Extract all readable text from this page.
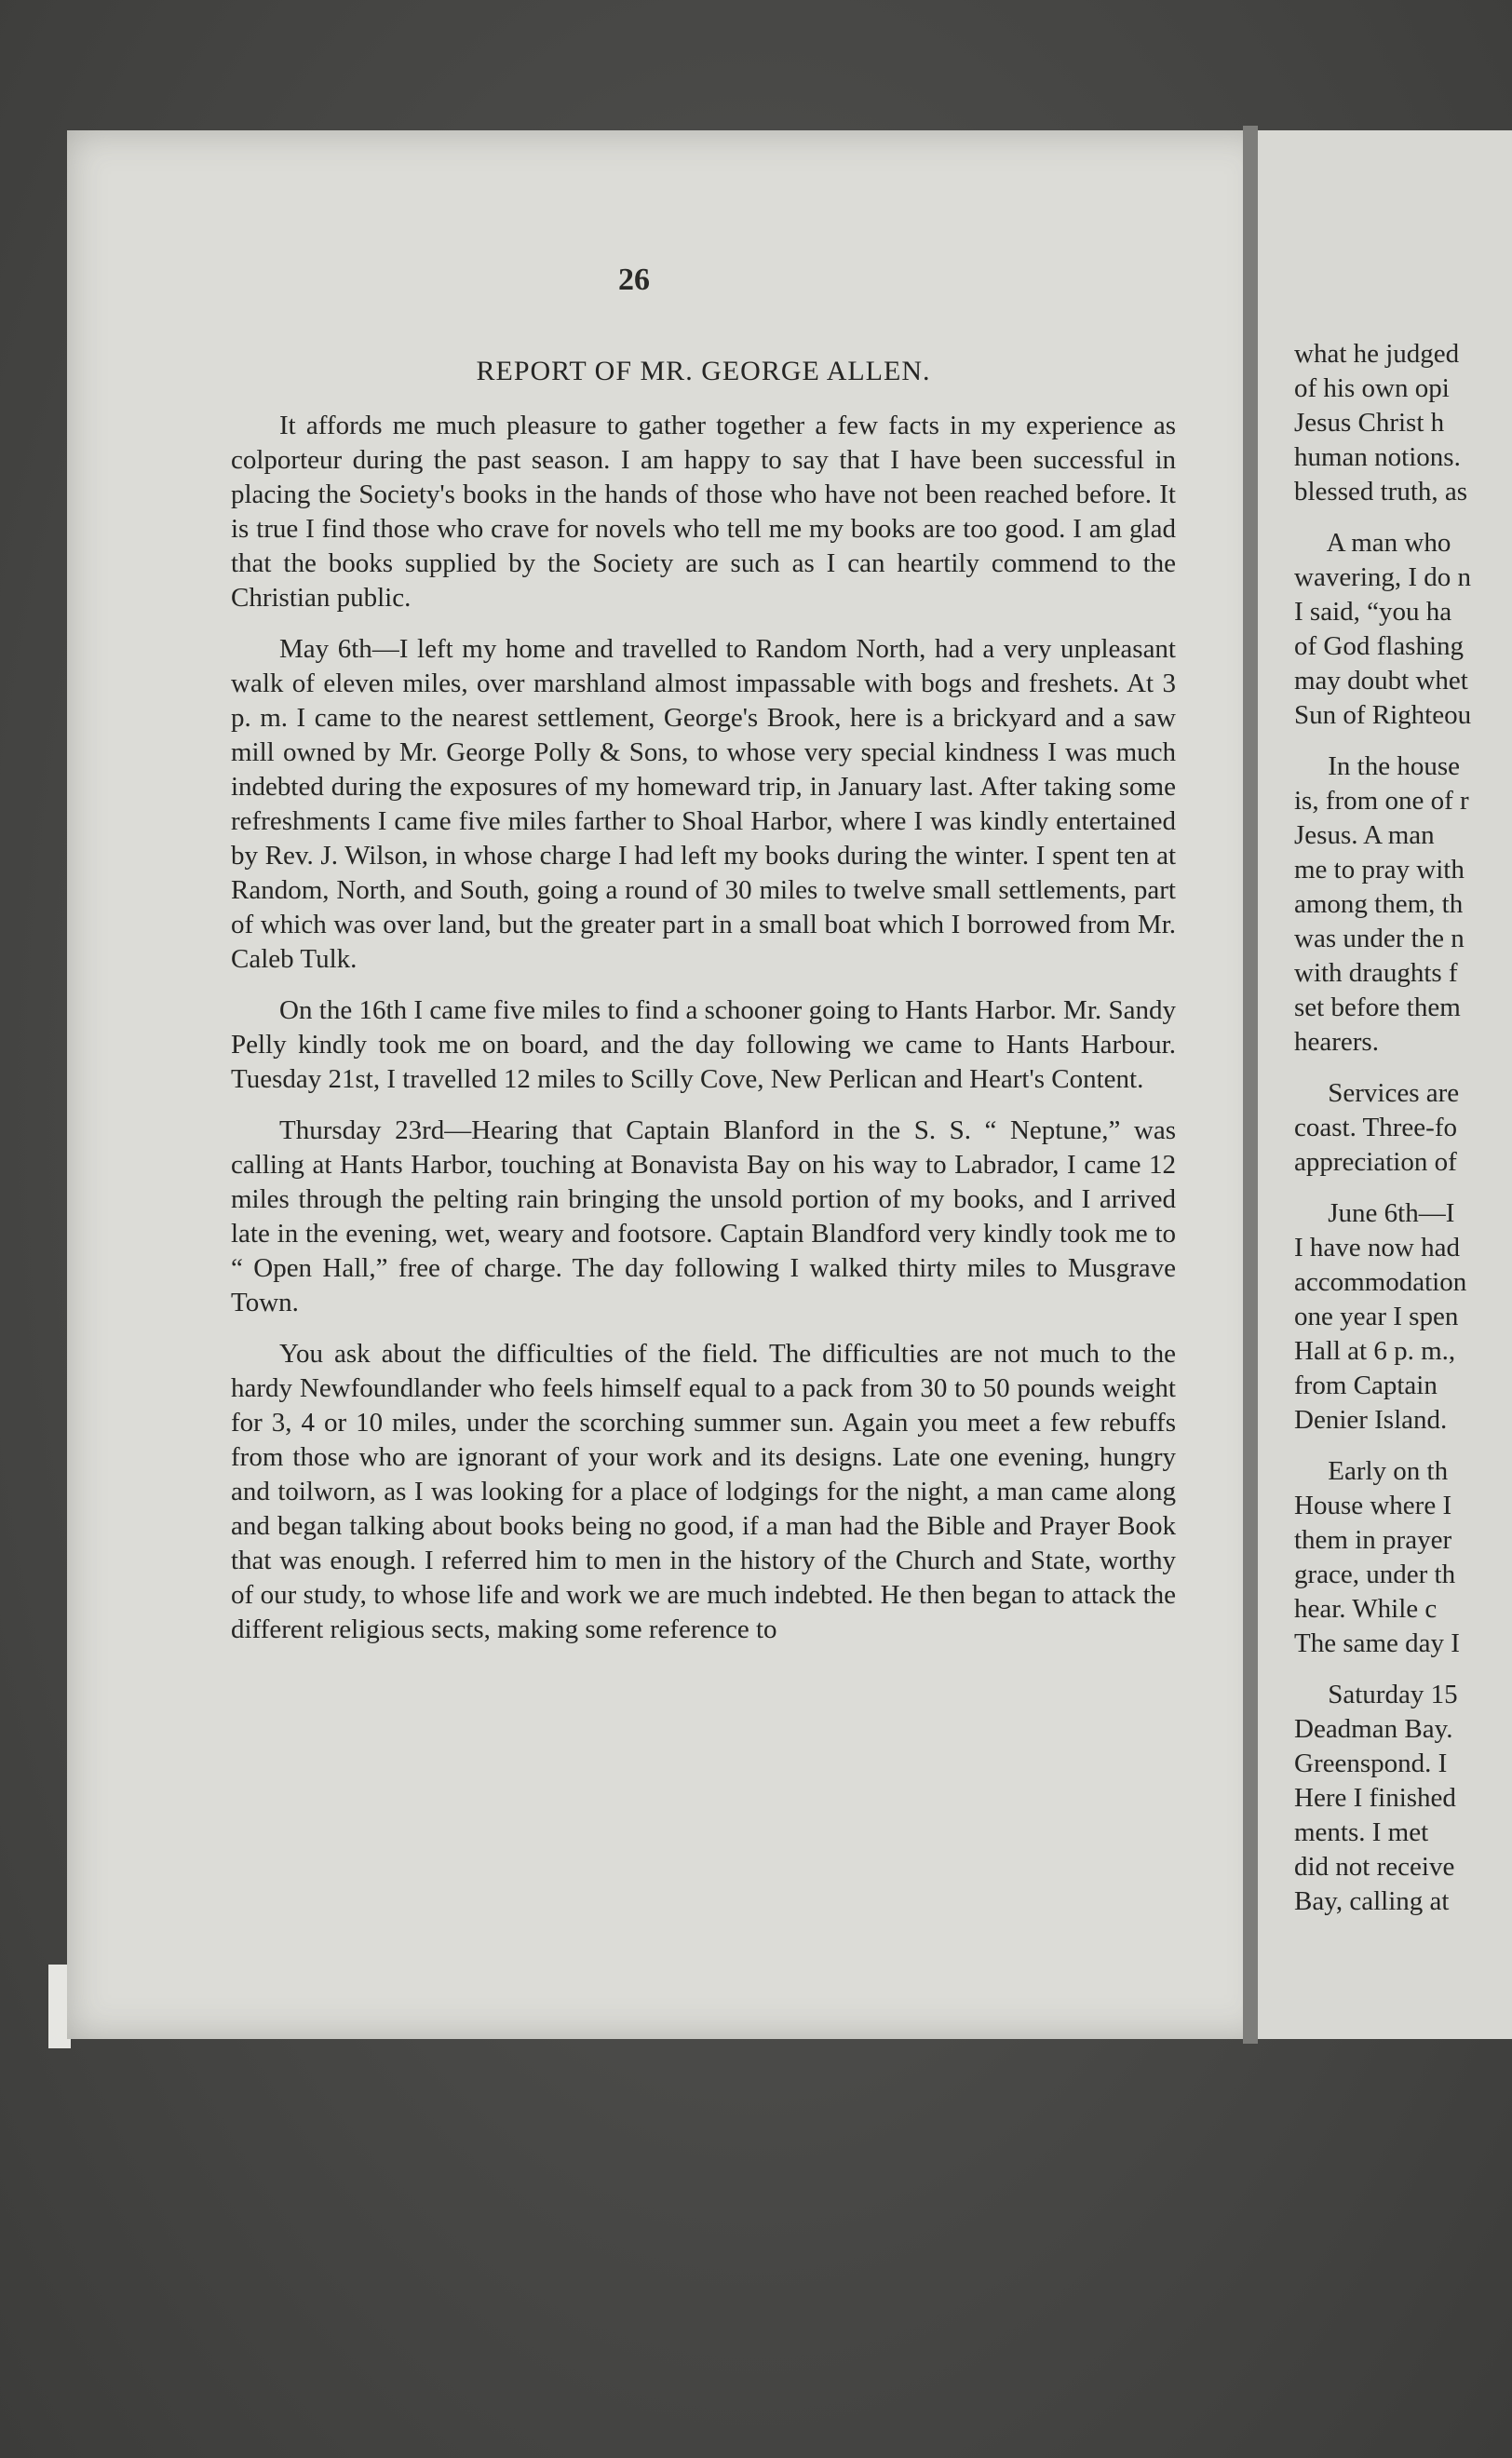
26
REPORT OF MR. GEORGE ALLEN.

It affords me much pleasure to gather together a few facts in my experience as colporteur during the past season. I am happy to say that I have been successful in placing the Society's books in the hands of those who have not been reached before. It is true I find those who crave for novels who tell me my books are too good. I am glad that the books supplied by the Society are such as I can heartily commend to the Christian public.

May 6th—I left my home and travelled to Random North, had a very unpleasant walk of eleven miles, over marshland almost impassable with bogs and freshets. At 3 p. m. I came to the nearest settlement, George's Brook, here is a brickyard and a saw mill owned by Mr. George Polly & Sons, to whose very special kindness I was much indebted during the exposures of my homeward trip, in January last. After taking some refreshments I came five miles farther to Shoal Harbor, where I was kindly entertained by Rev. J. Wilson, in whose charge I had left my books during the winter. I spent ten at Random, North, and South, going a round of 30 miles to twelve small settlements, part of which was over land, but the greater part in a small boat which I borrowed from Mr. Caleb Tulk.

On the 16th I came five miles to find a schooner going to Hants Harbor. Mr. Sandy Pelly kindly took me on board, and the day following we came to Hants Harbour. Tuesday 21st, I travelled 12 miles to Scilly Cove, New Perlican and Heart's Content.

Thursday 23rd—Hearing that Captain Blanford in the S. S. “ Neptune,” was calling at Hants Harbor, touching at Bonavista Bay on his way to Labrador, I came 12 miles through the pelting rain bringing the unsold portion of my books, and I arrived late in the evening, wet, weary and footsore. Captain Blandford very kindly took me to “ Open Hall,” free of charge. The day following I walked thirty miles to Musgrave Town.

You ask about the difficulties of the field. The difficulties are not much to the hardy Newfoundlander who feels himself equal to a pack from 30 to 50 pounds weight for 3, 4 or 10 miles, under the scorching summer sun. Again you meet a few rebuffs from those who are ignorant of your work and its designs. Late one evening, hungry and toilworn, as I was looking for a place of lodgings for the night, a man came along and began talking about books being no good, if a man had the Bible and Prayer Book that was enough. I referred him to men in the history of the Church and State, worthy of our study, to whose life and work we are much indebted. He then began to attack the different religious sects, making some reference to

what he judged

of his own opi

Jesus Christ h

human notions.

blessed truth, as

  A man who

wavering, I do n

I said, “you ha

of God flashing

may doubt whet

Sun of Righteou

  In the house

is, from one of r

Jesus. A man

me to pray with

among them, th

was under the n

with draughts f

set before them

hearers.

  Services are

coast. Three-fo

appreciation of

  June 6th—I

I have now had

accommodation

one year I spen

Hall at 6 p. m.,

from Captain

Denier Island.

  Early on th

House where I

them in prayer

grace, under th

hear. While c

The same day I

  Saturday 15

Deadman Bay.

Greenspond. I

Here I finished

ments. I met

did not receive

Bay, calling at
